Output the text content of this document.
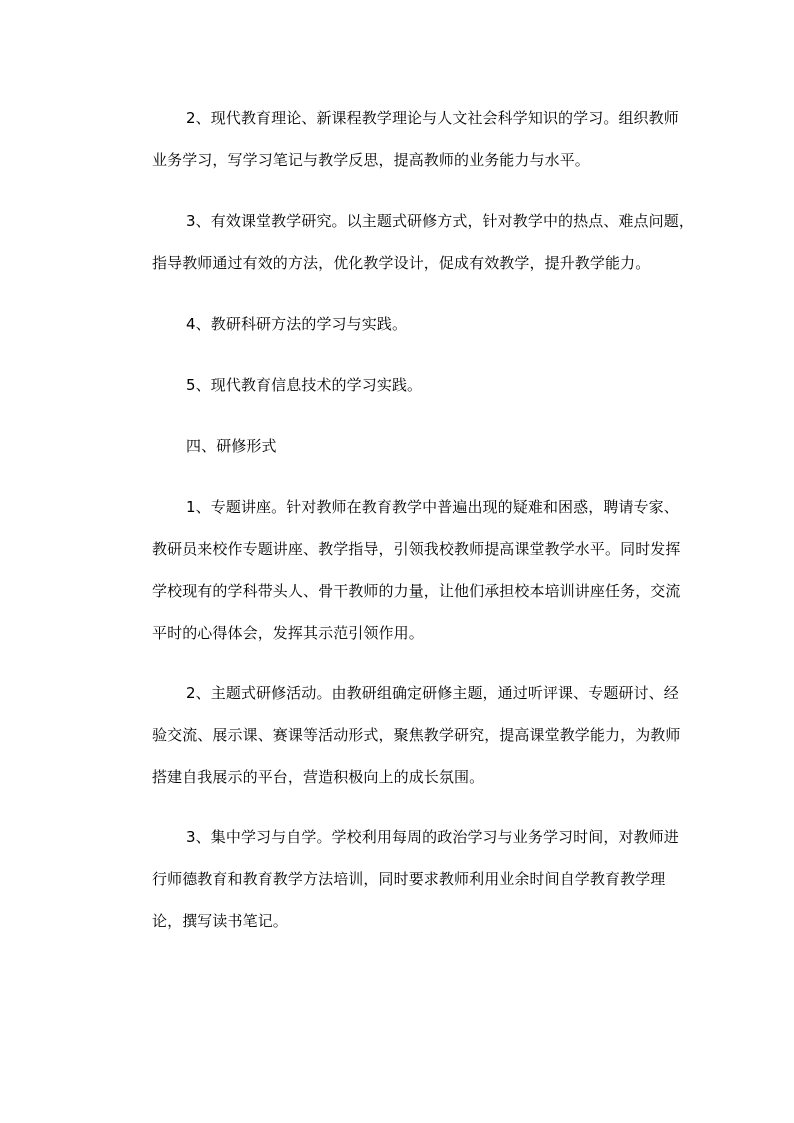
2、现代教育理论、新课程教学理论与人文社会科学知识的学习。组织教师
业务学习，写学习笔记与教学反思，提高教师的业务能力与水平。
3、有效课堂教学研究。以主题式研修方式，针对教学中的热点、难点问题，
指导教师通过有效的方法，优化教学设计，促成有效教学，提升教学能力。
4、教研科研方法的学习与实践。
5、现代教育信息技术的学习实践。
四、研修形式
1、专题讲座。针对教师在教育教学中普遍出现的疑难和困惑，聘请专家、
教研员来校作专题讲座、教学指导，引领我校教师提高课堂教学水平。同时发挥
学校现有的学科带头人、骨干教师的力量，让他们承担校本培训讲座任务，交流
平时的心得体会，发挥其示范引领作用。
2、主题式研修活动。由教研组确定研修主题，通过听评课、专题研讨、经
验交流、展示课、赛课等活动形式，聚焦教学研究，提高课堂教学能力，为教师
搭建自我展示的平台，营造积极向上的成长氛围。
3、集中学习与自学。学校利用每周的政治学习与业务学习时间，对教师进
行师德教育和教育教学方法培训，同时要求教师利用业余时间自学教育教学理
论，撰写读书笔记。
